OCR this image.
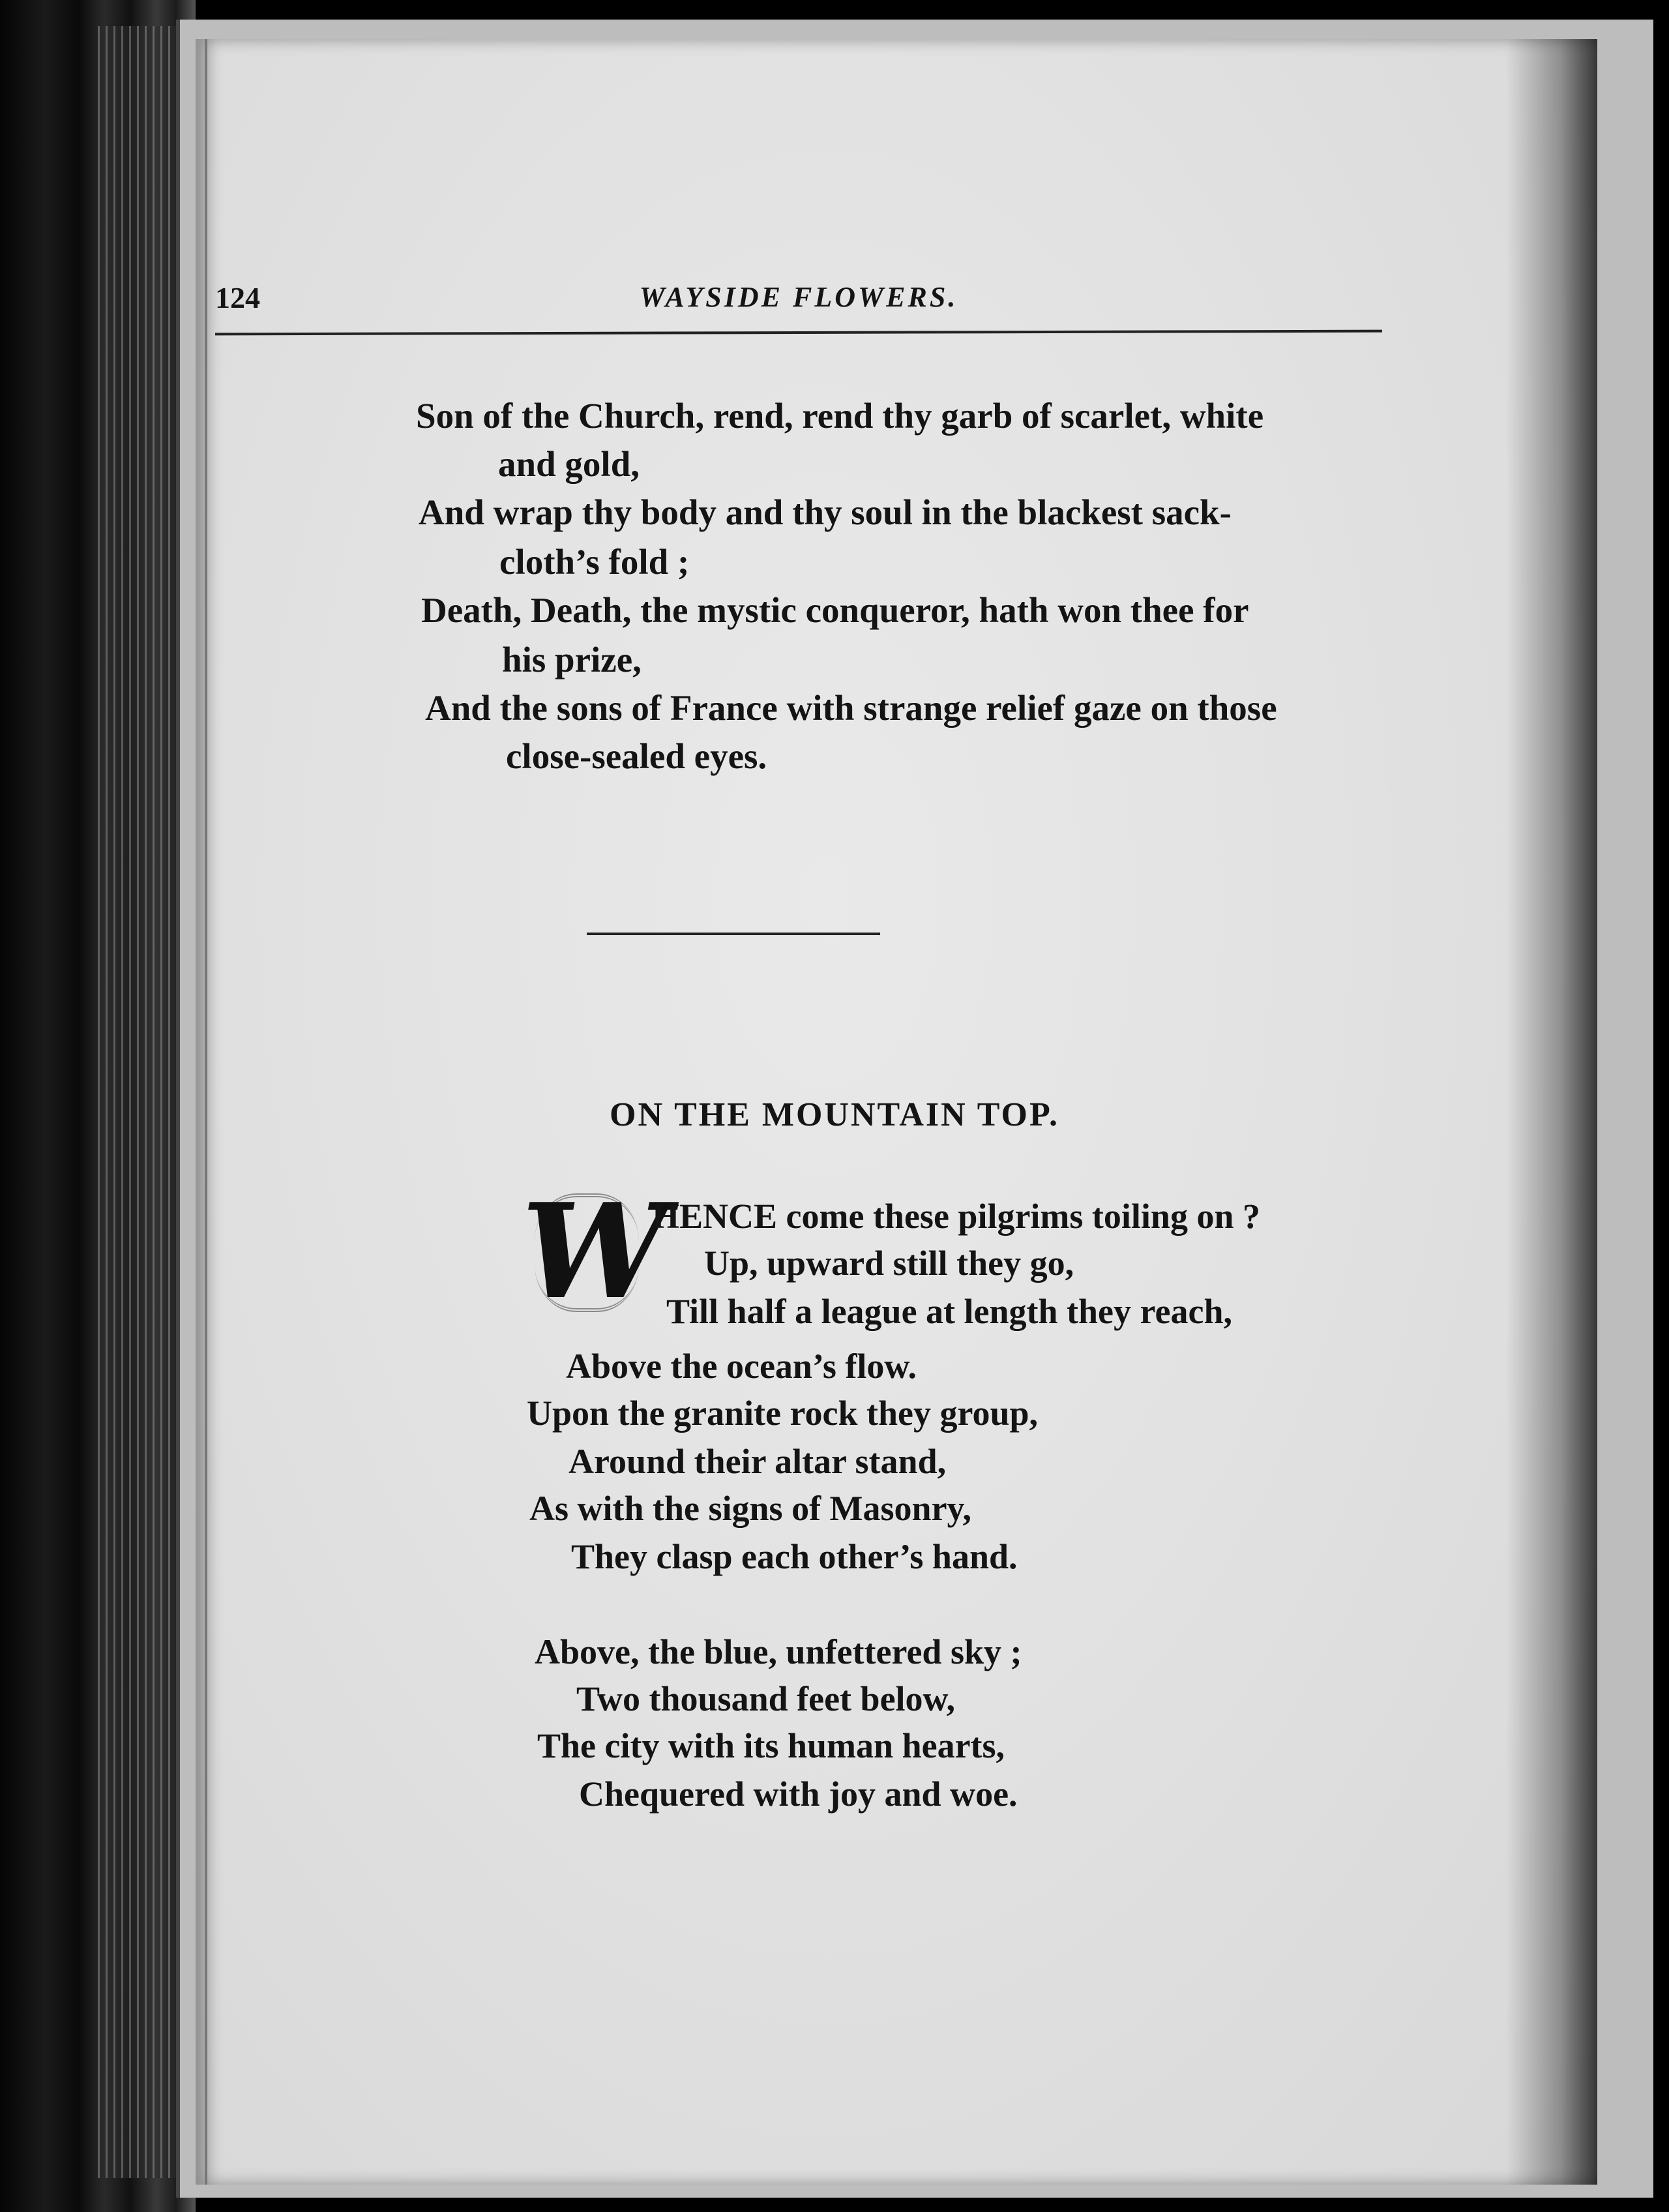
124	WAYSIDE FLOWERS.
Son of the Church, rend, rend thy garb of scarlet, white
and gold,
And wrap thy body and thy soul in the blackest sack-
cloth’s fold ;
Death, Death, the mystic conqueror, hath won thee for
his prize,
And the sons of France with strange relief gaze on those
close-sealed eyes.
ON THE MOUNTAIN TOP.
W
HENCE come these pilgrims toiling on ?
Up, upward still they go,
Till half a league at length they reach,
Above the ocean’s flow.
Upon the granite rock they group,
Around their altar stand,
As with the signs of Masonry,
They clasp each other’s hand.
Above, the blue, unfettered sky ;
Two thousand feet below,
The city with its human hearts,
Chequered with joy and woe.
